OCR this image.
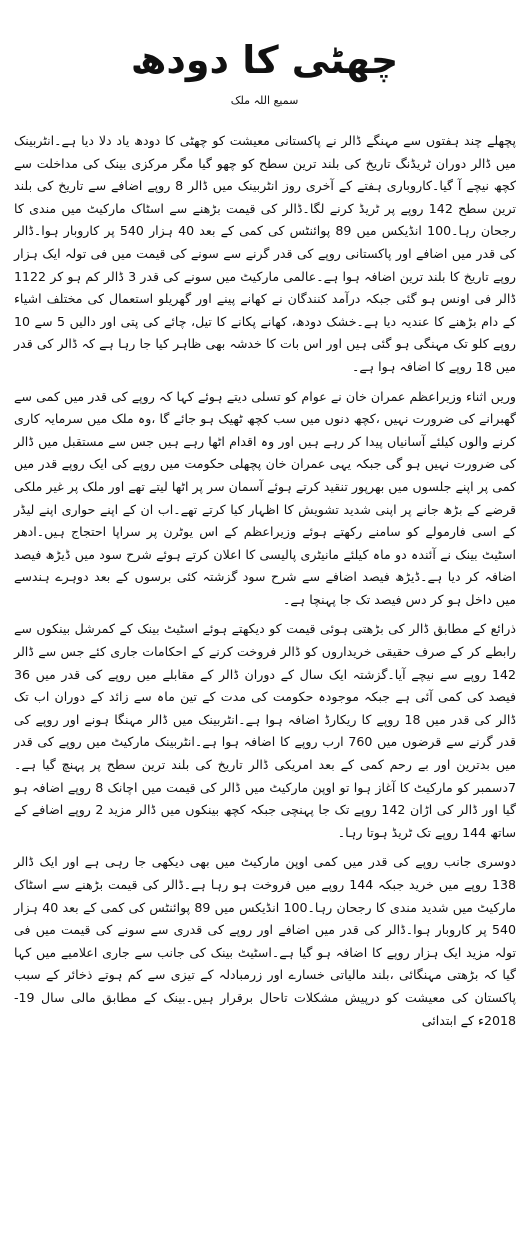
چھٹی کا دودھ
سمیع اللہ ملک

پچھلے چند ہفتوں سے مہنگے ڈالر نے پاکستانی معیشت کو چھٹی کا دودھ یاد دلا دیا ہے۔انٹربینک میں ڈالر دوران ٹریڈنگ تاریخ کی بلند ترین سطح کو چھو گیا مگر مرکزی بینک کی مداخلت سے کچھ نیچے آ گیا۔کاروباری ہفتے کے آخری روز انٹربینک میں ڈالر 8 روپے اضافے سے تاریخ کی بلند ترین سطح 142 روپے پر ٹریڈ کرنے لگا۔ڈالر کی قیمت بڑھنے سے اسٹاک مارکیٹ میں مندی کا رجحان رہا۔100 انڈیکس میں 89 پوائنٹس کی کمی کے بعد 40 ہزار 540 پر کاروبار ہوا۔ڈالر کی قدر میں اضافے اور پاکستانی روپے کی قدر گرنے سے سونے کی قیمت میں فی تولہ ایک ہزار روپے تاریخ کا بلند ترین اضافہ ہوا ہے۔عالمی مارکیٹ میں سونے کی قدر 3 ڈالر کم ہو کر 1122 ڈالر فی اونس ہو گئی جبکہ درآمد کنندگان نے کھانے پینے اور گھریلو استعمال کی مختلف اشیاء کے دام بڑھنے کا عندیہ دیا ہے۔خشک دودھ، کھانے پکانے کا تیل، چائے کی پتی اور دالیں 5 سے 10 روپے کلو تک مہنگی ہو گئی ہیں اور اس بات کا خدشہ بھی ظاہر کیا جا رہا ہے کہ ڈالر کی قدر میں 18 روپے کا اضافہ ہوا ہے۔

وریں اثناء وزیراعظم عمران خان نے عوام کو تسلی دیتے ہوئے کہا کہ روپے کی قدر میں کمی سے گھبرانے کی ضرورت نہیں ،کچھ دنوں میں سب کچھ ٹھیک ہو جائے گا ،وہ ملک میں سرمایہ کاری کرنے والوں کیلئے آسانیاں پیدا کر رہے ہیں اور وہ اقدام اٹھا رہے ہیں جس سے مستقبل میں ڈالر کی ضرورت نہیں ہو گی جبکہ یہی عمران خان پچھلی حکومت میں روپے کی ایک روپے قدر میں کمی پر اپنے جلسوں میں بھرپور تنقید کرتے ہوئے آسمان سر پر اٹھا لیتے تھے اور ملک پر غیر ملکی قرضے کے بڑھ جانے پر اپنی شدید تشویش کا اظہار کیا کرتے تھے۔اب ان کے اپنے حواری اپنے لیڈر کے اسی فارمولے کو سامنے رکھتے ہوئے وزیراعظم کے اس یوٹرن پر سراپا احتجاج ہیں۔ادھر اسٹیٹ بینک نے آئندہ دو ماہ کیلئے مانیٹری پالیسی کا اعلان کرتے ہوئے شرح سود میں ڈیڑھ فیصد اضافہ کر دیا ہے۔ڈیڑھ فیصد اضافے سے شرح سود گزشتہ کئی برسوں کے بعد دوہرے ہندسے میں داخل ہو کر دس فیصد تک جا پہنچا ہے۔

ذرائع کے مطابق ڈالر کی بڑھتی ہوئی قیمت کو دیکھتے ہوئے اسٹیٹ بینک کے کمرشل بینکوں سے رابطے کر کے صرف حقیقی خریداروں کو ڈالر فروخت کرنے کے احکامات جاری کئے جس سے ڈالر 142 روپے سے نیچے آیا۔گزشتہ ایک سال کے دوران ڈالر کے مقابلے میں روپے کی قدر میں 36 فیصد کی کمی آئی ہے جبکہ موجودہ حکومت کی مدت کے تین ماہ سے زائد کے دوران اب تک ڈالر کی قدر میں 18 روپے کا ریکارڈ اضافہ ہوا ہے۔انٹربینک میں ڈالر مہنگا ہونے اور روپے کی قدر گرنے سے قرضوں میں 760 ارب روپے کا اضافہ ہوا ہے۔انٹربینک مارکیٹ میں روپے کی قدر میں بدترین اور بے رحم کمی کے بعد امریکی ڈالر تاریخ کی بلند ترین سطح پر پہنچ گیا ہے۔7دسمبر کو مارکیٹ کا آغاز ہوا تو اوپن مارکیٹ میں ڈالر کی قیمت میں اچانک 8 روپے اضافہ ہو گیا اور ڈالر کی اڑان 142 روپے تک جا پہنچی جبکہ کچھ بینکوں میں ڈالر مزید 2 روپے اضافے کے ساتھ 144 روپے تک ٹریڈ ہوتا رہا۔

دوسری جانب روپے کی قدر میں کمی اوپن مارکیٹ میں بھی دیکھی جا رہی ہے اور ایک ڈالر 138 روپے میں خرید جبکہ 144 روپے میں فروخت ہو رہا ہے۔ڈالر کی قیمت بڑھنے سے اسٹاک مارکیٹ میں شدید مندی کا رجحان رہا۔100 انڈیکس میں 89 پوائنٹس کی کمی کے بعد 40 ہزار 540 پر کاروبار ہوا۔ڈالر کی قدر میں اضافے اور روپے کی قدری سے سونے کی قیمت میں فی تولہ مزید ایک ہزار روپے کا اضافہ ہو گیا ہے۔اسٹیٹ بینک کی جانب سے جاری اعلامیے میں کہا گیا کہ بڑھتی مہنگائی ،بلند مالیاتی خسارے اور زرمبادلہ کے تیزی سے کم ہوتے ذخائر کے سبب پاکستان کی معیشت کو درپیش مشکلات تاحال برقرار ہیں۔بینک کے مطابق مالی سال 19-2018ء کے ابتدائی
